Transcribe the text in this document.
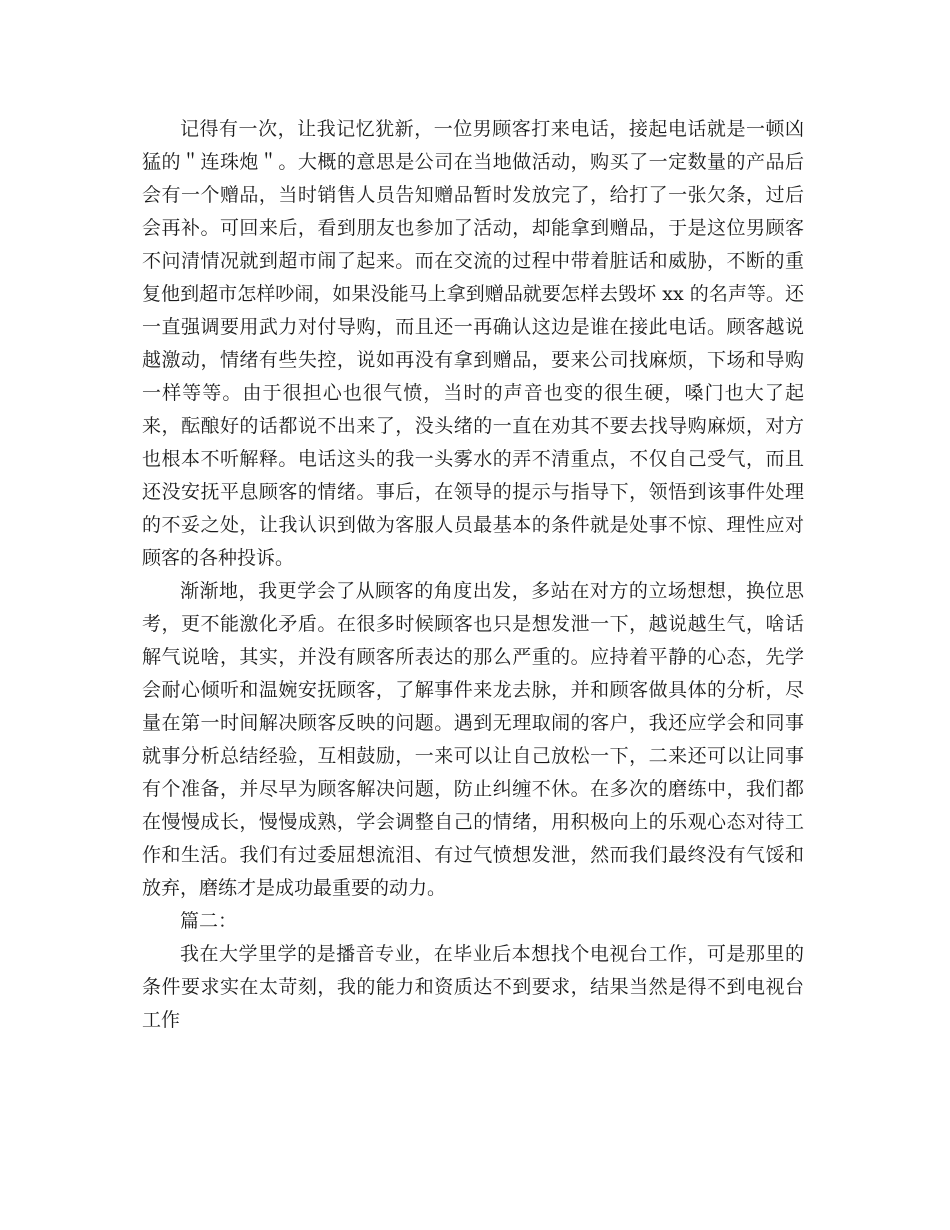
记得有一次，让我记忆犹新，一位男顾客打来电话，接起电话就是一顿凶猛的＂连珠炮＂。大概的意思是公司在当地做活动，购买了一定数量的产品后会有一个赠品，当时销售人员告知赠品暂时发放完了，给打了一张欠条，过后会再补。可回来后，看到朋友也参加了活动，却能拿到赠品，于是这位男顾客不问清情况就到超市闹了起来。而在交流的过程中带着脏话和威胁，不断的重复他到超市怎样吵闹，如果没能马上拿到赠品就要怎样去毁坏 xx 的名声等。还一直强调要用武力对付导购，而且还一再确认这边是谁在接此电话。顾客越说越激动，情绪有些失控，说如再没有拿到赠品，要来公司找麻烦，下场和导购一样等等。由于很担心也很气愤，当时的声音也变的很生硬，嗓门也大了起来，酝酿好的话都说不出来了，没头绪的一直在劝其不要去找导购麻烦，对方也根本不听解释。电话这头的我一头雾水的弄不清重点，不仅自己受气，而且还没安抚平息顾客的情绪。事后，在领导的提示与指导下，领悟到该事件处理的不妥之处，让我认识到做为客服人员最基本的条件就是处事不惊、理性应对顾客的各种投诉。

渐渐地，我更学会了从顾客的角度出发，多站在对方的立场想想，换位思考，更不能激化矛盾。在很多时候顾客也只是想发泄一下，越说越生气，啥话解气说啥，其实，并没有顾客所表达的那么严重的。应持着平静的心态，先学会耐心倾听和温婉安抚顾客，了解事件来龙去脉，并和顾客做具体的分析，尽量在第一时间解决顾客反映的问题。遇到无理取闹的客户，我还应学会和同事就事分析总结经验，互相鼓励，一来可以让自己放松一下，二来还可以让同事有个准备，并尽早为顾客解决问题，防止纠缠不休。在多次的磨练中，我们都在慢慢成长，慢慢成熟，学会调整自己的情绪，用积极向上的乐观心态对待工作和生活。我们有过委屈想流泪、有过气愤想发泄，然而我们最终没有气馁和放弃，磨练才是成功最重要的动力。

篇二：

我在大学里学的是播音专业，在毕业后本想找个电视台工作，可是那里的条件要求实在太苛刻，我的能力和资质达不到要求，结果当然是得不到电视台工作
